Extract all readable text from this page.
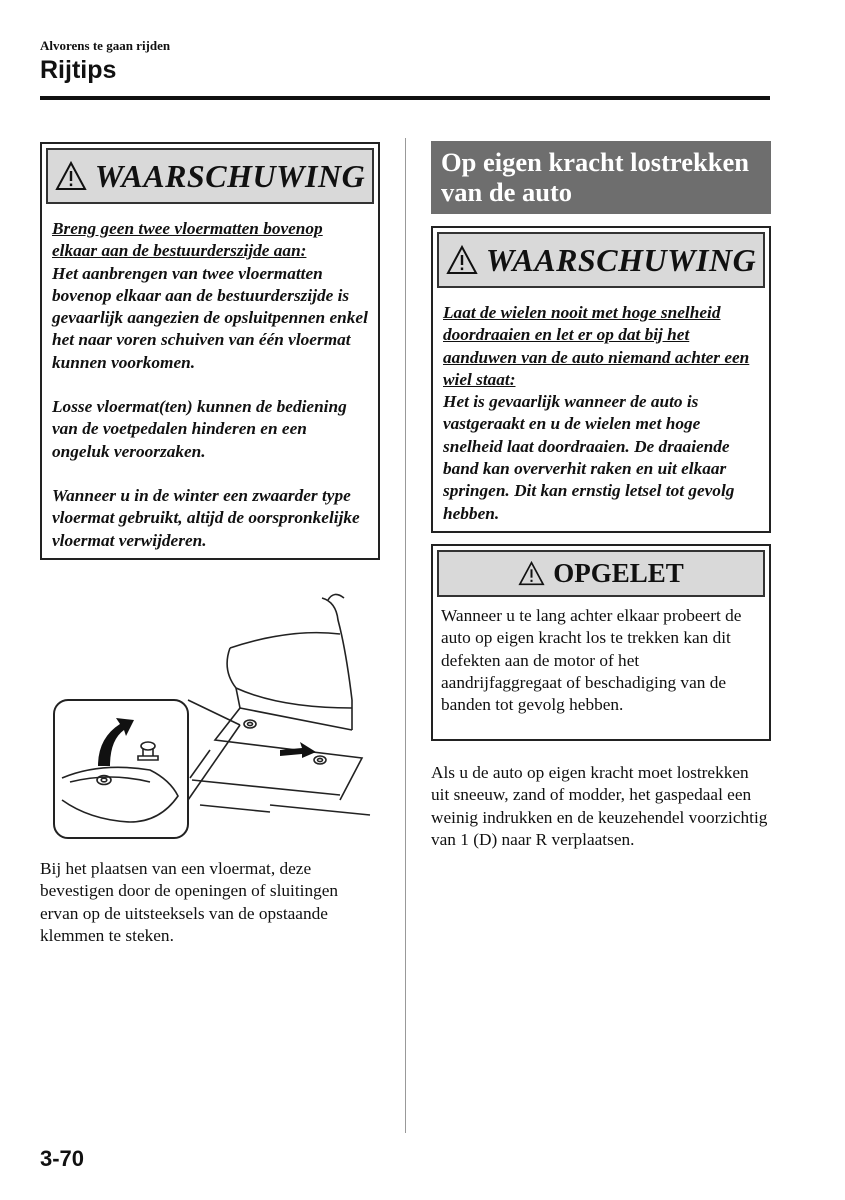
Alvorens te gaan rijden
Rijtips
WAARSCHUWING

Breng geen twee vloermatten bovenop elkaar aan de bestuurderszijde aan:
Het aanbrengen van twee vloermatten bovenop elkaar aan de bestuurderszijde is gevaarlijk aangezien de opsluitpennen enkel het naar voren schuiven van één vloermat kunnen voorkomen.

Losse vloermat(ten) kunnen de bediening van de voetpedalen hinderen en een ongeluk veroorzaken.

Wanneer u in de winter een zwaarder type vloermat gebruikt, altijd de oorspronkelijke vloermat verwijderen.

Bij het plaatsen van een vloermat, deze bevestigen door de openingen of sluitingen ervan op de uitsteeksels van de opstaande klemmen te steken.
Op eigen kracht lostrekken van de auto
WAARSCHUWING

Laat de wielen nooit met hoge snelheid doordraaien en let er op dat bij het aanduwen van de auto niemand achter een wiel staat:
Het is gevaarlijk wanneer de auto is vastgeraakt en u de wielen met hoge snelheid laat doordraaien. De draaiende band kan oververhit raken en uit elkaar springen. Dit kan ernstig letsel tot gevolg hebben.

OPGELET
Wanneer u te lang achter elkaar probeert de auto op eigen kracht los te trekken kan dit defekten aan de motor of het aandrijfaggregaat of beschadiging van de banden tot gevolg hebben.
Als u de auto op eigen kracht moet lostrekken uit sneeuw, zand of modder, het gaspedaal een weinig indrukken en de keuzehendel voorzichtig van 1 (D) naar R verplaatsen.
3-70
